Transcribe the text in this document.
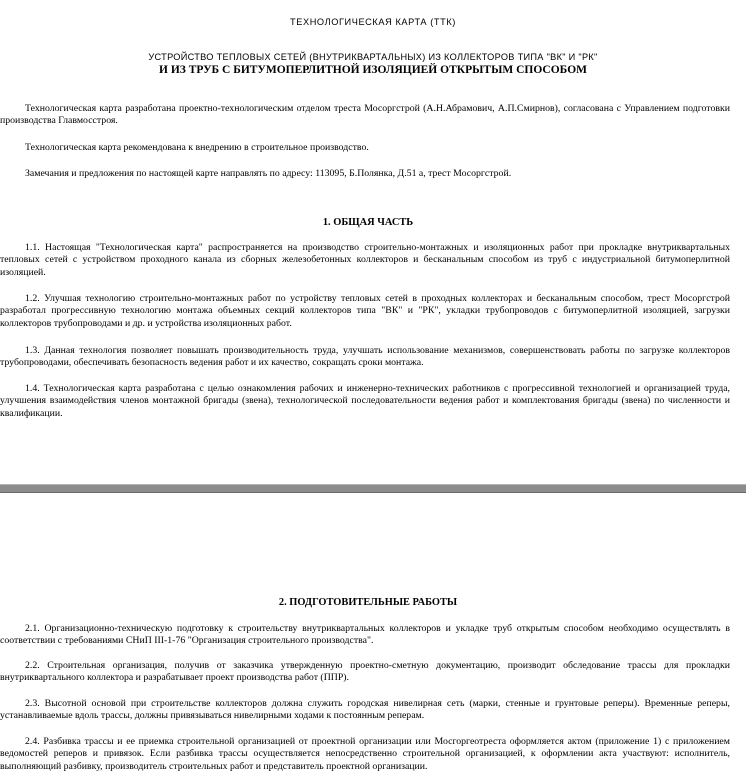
ТЕХНОЛОГИЧЕСКАЯ КАРТА (ТТК)
УСТРОЙСТВО ТЕПЛОВЫХ СЕТЕЙ (ВНУТРИКВАРТАЛЬНЫХ) ИЗ КОЛЛЕКТОРОВ ТИПА "ВК" И "РК"
И ИЗ ТРУБ С БИТУМОПЕРЛИТНОЙ ИЗОЛЯЦИЕЙ ОТКРЫТЫМ СПОСОБОМ
Технологическая карта разработана проектно-технологическим отделом треста Мосоргстрой (А.Н.Абрамович, А.П.Смирнов), согласована с Управлением подготовки производства Главмосстроя.
Технологическая карта рекомендована к внедрению в строительное производство.
Замечания и предложения по настоящей карте направлять по адресу: 113095, Б.Полянка, Д.51 а, трест Мосоргстрой.
1. ОБЩАЯ ЧАСТЬ
1.1. Настоящая "Технологическая карта" распространяется на производство строительно-монтажных и изоляционных работ при прокладке внутриквартальных тепловых сетей с устройством проходного канала из сборных железобетонных коллекторов и бесканальным способом из труб с индустриальной битумоперлитной изоляцией.
1.2. Улучшая технологию строительно-монтажных работ по устройству тепловых сетей в проходных коллекторах и бесканальным способом, трест Мосоргстрой разработал прогрессивную технологию монтажа объемных секций коллекторов типа "ВК" и "РК", укладки трубопроводов с битумоперлитной изоляцией, загрузки коллекторов трубопроводами и др. и устройства изоляционных работ.
1.3. Данная технология позволяет повышать производительность труда, улучшать использование механизмов, совершенствовать работы по загрузке коллекторов трубопроводами, обеспечивать безопасность ведения работ и их качество, сокращать сроки монтажа.
1.4. Технологическая карта разработана с целью ознакомления рабочих и инженерно-технических работников с прогрессивной технологией и организацией труда, улучшения взаимодействия членов монтажной бригады (звена), технологической последовательности ведения работ и комплектования бригады (звена) по численности и квалификации.
2. ПОДГОТОВИТЕЛЬНЫЕ РАБОТЫ
2.1. Организационно-техническую подготовку к строительству внутриквартальных коллекторов и укладке труб открытым способом необходимо осуществлять в соответствии с требованиями СНиП III-1-76 "Организация строительного производства".
2.2. Строительная организация, получив от заказчика утвержденную проектно-сметную документацию, производит обследование трассы для прокладки внутриквартального коллектора и разрабатывает проект производства работ (ППР).
2.3. Высотной основой при строительстве коллекторов должна служить городская нивелирная сеть (марки, стенные и грунтовые реперы). Временные реперы, устанавливаемые вдоль трассы, должны привязываться нивелирными ходами к постоянным реперам.
2.4. Разбивка трассы и ее приемка строительной организацией от проектной организации или Мосгоргеотреста оформляется актом (приложение 1) с приложением ведомостей реперов и привязок. Если разбивка трассы осуществляется непосредственно строительной организацией, к оформлении акта участвуют: исполнитель, выполняющий разбивку, производитель строительных работ и представитель проектной организации.
